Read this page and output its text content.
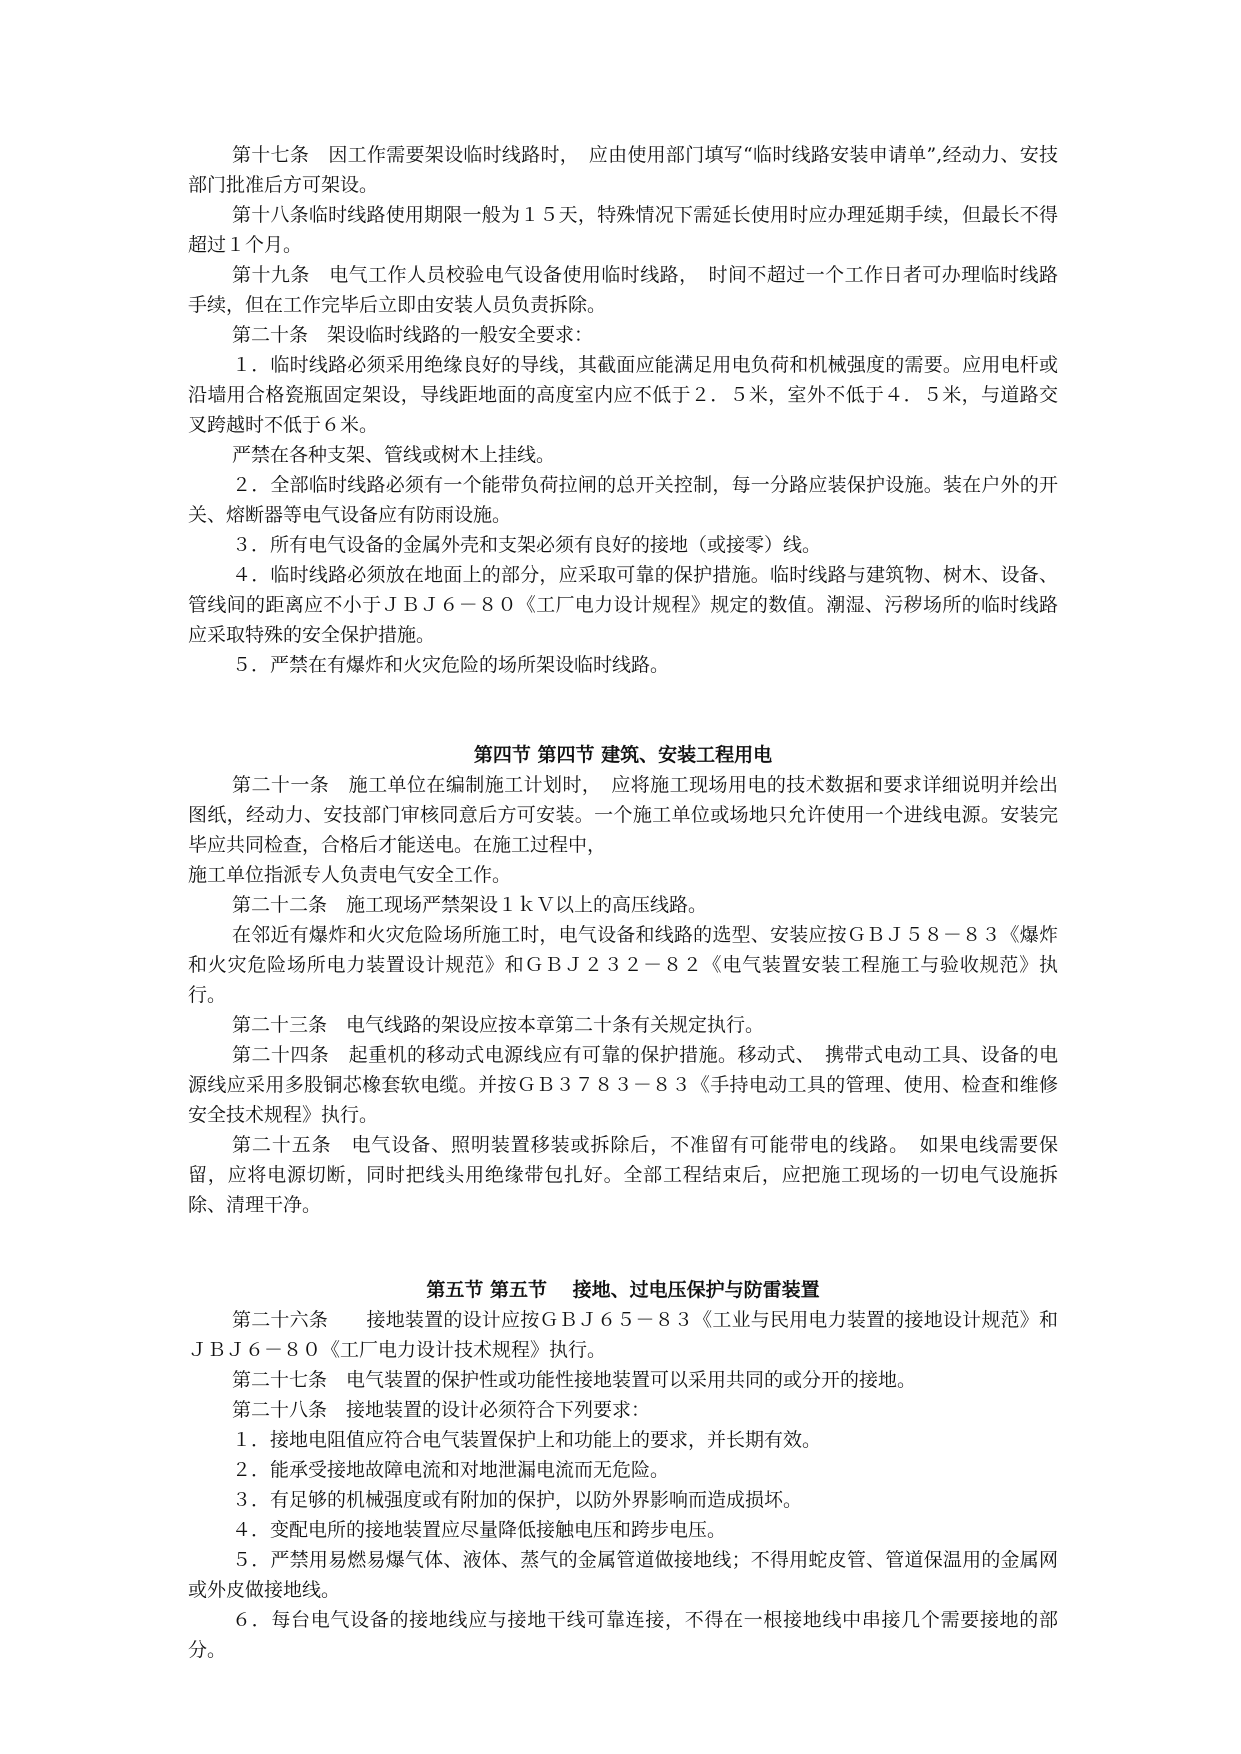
第十七条　因工作需要架设临时线路时，　应由使用部门填写“临时线路安装申请单”,经动力、安技部门批准后方可架设。

第十八条临时线路使用期限一般为１５天，特殊情况下需延长使用时应办理延期手续，但最长不得超过１个月。

第十九条　电气工作人员校验电气设备使用临时线路，　时间不超过一个工作日者可办理临时线路手续，但在工作完毕后立即由安装人员负责拆除。

第二十条　架设临时线路的一般安全要求：

１．临时线路必须采用绝缘良好的导线，其截面应能满足用电负荷和机械强度的需要。应用电杆或沿墙用合格瓷瓶固定架设，导线距地面的高度室内应不低于２．５米，室外不低于４．５米，与道路交叉跨越时不低于６米。

严禁在各种支架、管线或树木上挂线。

２．全部临时线路必须有一个能带负荷拉闸的总开关控制，每一分路应装保护设施。装在户外的开关、熔断器等电气设备应有防雨设施。

３．所有电气设备的金属外壳和支架必须有良好的接地（或接零）线。

４．临时线路必须放在地面上的部分，应采取可靠的保护措施。临时线路与建筑物、树木、设备、管线间的距离应不小于ＪＢＪ６－８０《工厂电力设计规程》规定的数值。潮湿、污秽场所的临时线路应采取特殊的安全保护措施。

５．严禁在有爆炸和火灾危险的场所架设临时线路。

第四节 第四节 建筑、安装工程用电

第二十一条　施工单位在编制施工计划时，　应将施工现场用电的技术数据和要求详细说明并绘出图纸，经动力、安技部门审核同意后方可安装。一个施工单位或场地只允许使用一个进线电源。安装完毕应共同检查，合格后才能送电。在施工过程中，

施工单位指派专人负责电气安全工作。

第二十二条　施工现场严禁架设１ｋＶ以上的高压线路。

在邻近有爆炸和火灾危险场所施工时，电气设备和线路的选型、安装应按ＧＢＪ５８－８３《爆炸和火灾危险场所电力装置设计规范》和ＧＢＪ２３２－８２《电气装置安装工程施工与验收规范》执行。

第二十三条　电气线路的架设应按本章第二十条有关规定执行。

第二十四条　起重机的移动式电源线应有可靠的保护措施。移动式、　携带式电动工具、设备的电源线应采用多股铜芯橡套软电缆。并按ＧＢ３７８３－８３《手持电动工具的管理、使用、检查和维修安全技术规程》执行。

第二十五条　电气设备、照明装置移装或拆除后，不准留有可能带电的线路。　如果电线需要保留，应将电源切断，同时把线头用绝缘带包扎好。全部工程结束后，应把施工现场的一切电气设施拆除、清理干净。

第五节 第五节　 接地、过电压保护与防雷装置

第二十六条　　接地装置的设计应按ＧＢＪ６５－８３《工业与民用电力装置的接地设计规范》和ＪＢＪ６－８０《工厂电力设计技术规程》执行。

第二十七条　电气装置的保护性或功能性接地装置可以采用共同的或分开的接地。

第二十八条　接地装置的设计必须符合下列要求：

１．接地电阻值应符合电气装置保护上和功能上的要求，并长期有效。

２．能承受接地故障电流和对地泄漏电流而无危险。

３．有足够的机械强度或有附加的保护，以防外界影响而造成损坏。

４．变配电所的接地装置应尽量降低接触电压和跨步电压。

５．严禁用易燃易爆气体、液体、蒸气的金属管道做接地线；不得用蛇皮管、管道保温用的金属网或外皮做接地线。

６．每台电气设备的接地线应与接地干线可靠连接，不得在一根接地线中串接几个需要接地的部分。
